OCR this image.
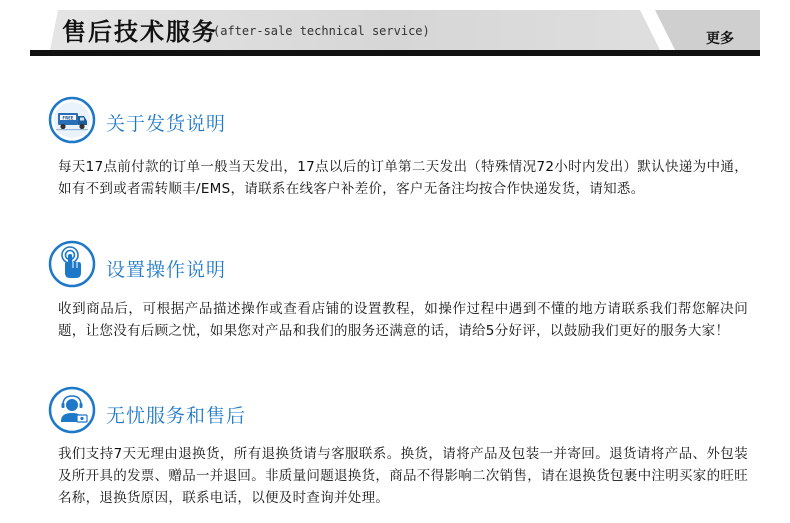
售后技术服务
(after-sale technical service)	更多
FREE 关于发货说明
每天17点前付款的订单一般当天发出，17点以后的订单第二天发出（特殊情况72小时内发出）默认快递为中通，如有不到或者需转顺丰/EMS，请联系在线客户补差价，客户无备注均按合作快递发货，请知悉。
设置操作说明
收到商品后，可根据产品描述操作或查看店铺的设置教程，如操作过程中遇到不懂的地方请联系我们帮您解决问题，让您没有后顾之忧，如果您对产品和我们的服务还满意的话，请给5分好评，以鼓励我们更好的服务大家！
无忧服务和售后
我们支持7天无理由退换货，所有退换货请与客服联系。换货，请将产品及包装一并寄回。退货请将产品、外包装及所开具的发票、赠品一并退回。非质量问题退换货，商品不得影响二次销售，请在退换货包裹中注明买家的旺旺名称，退换货原因，联系电话，以便及时查询并处理。
